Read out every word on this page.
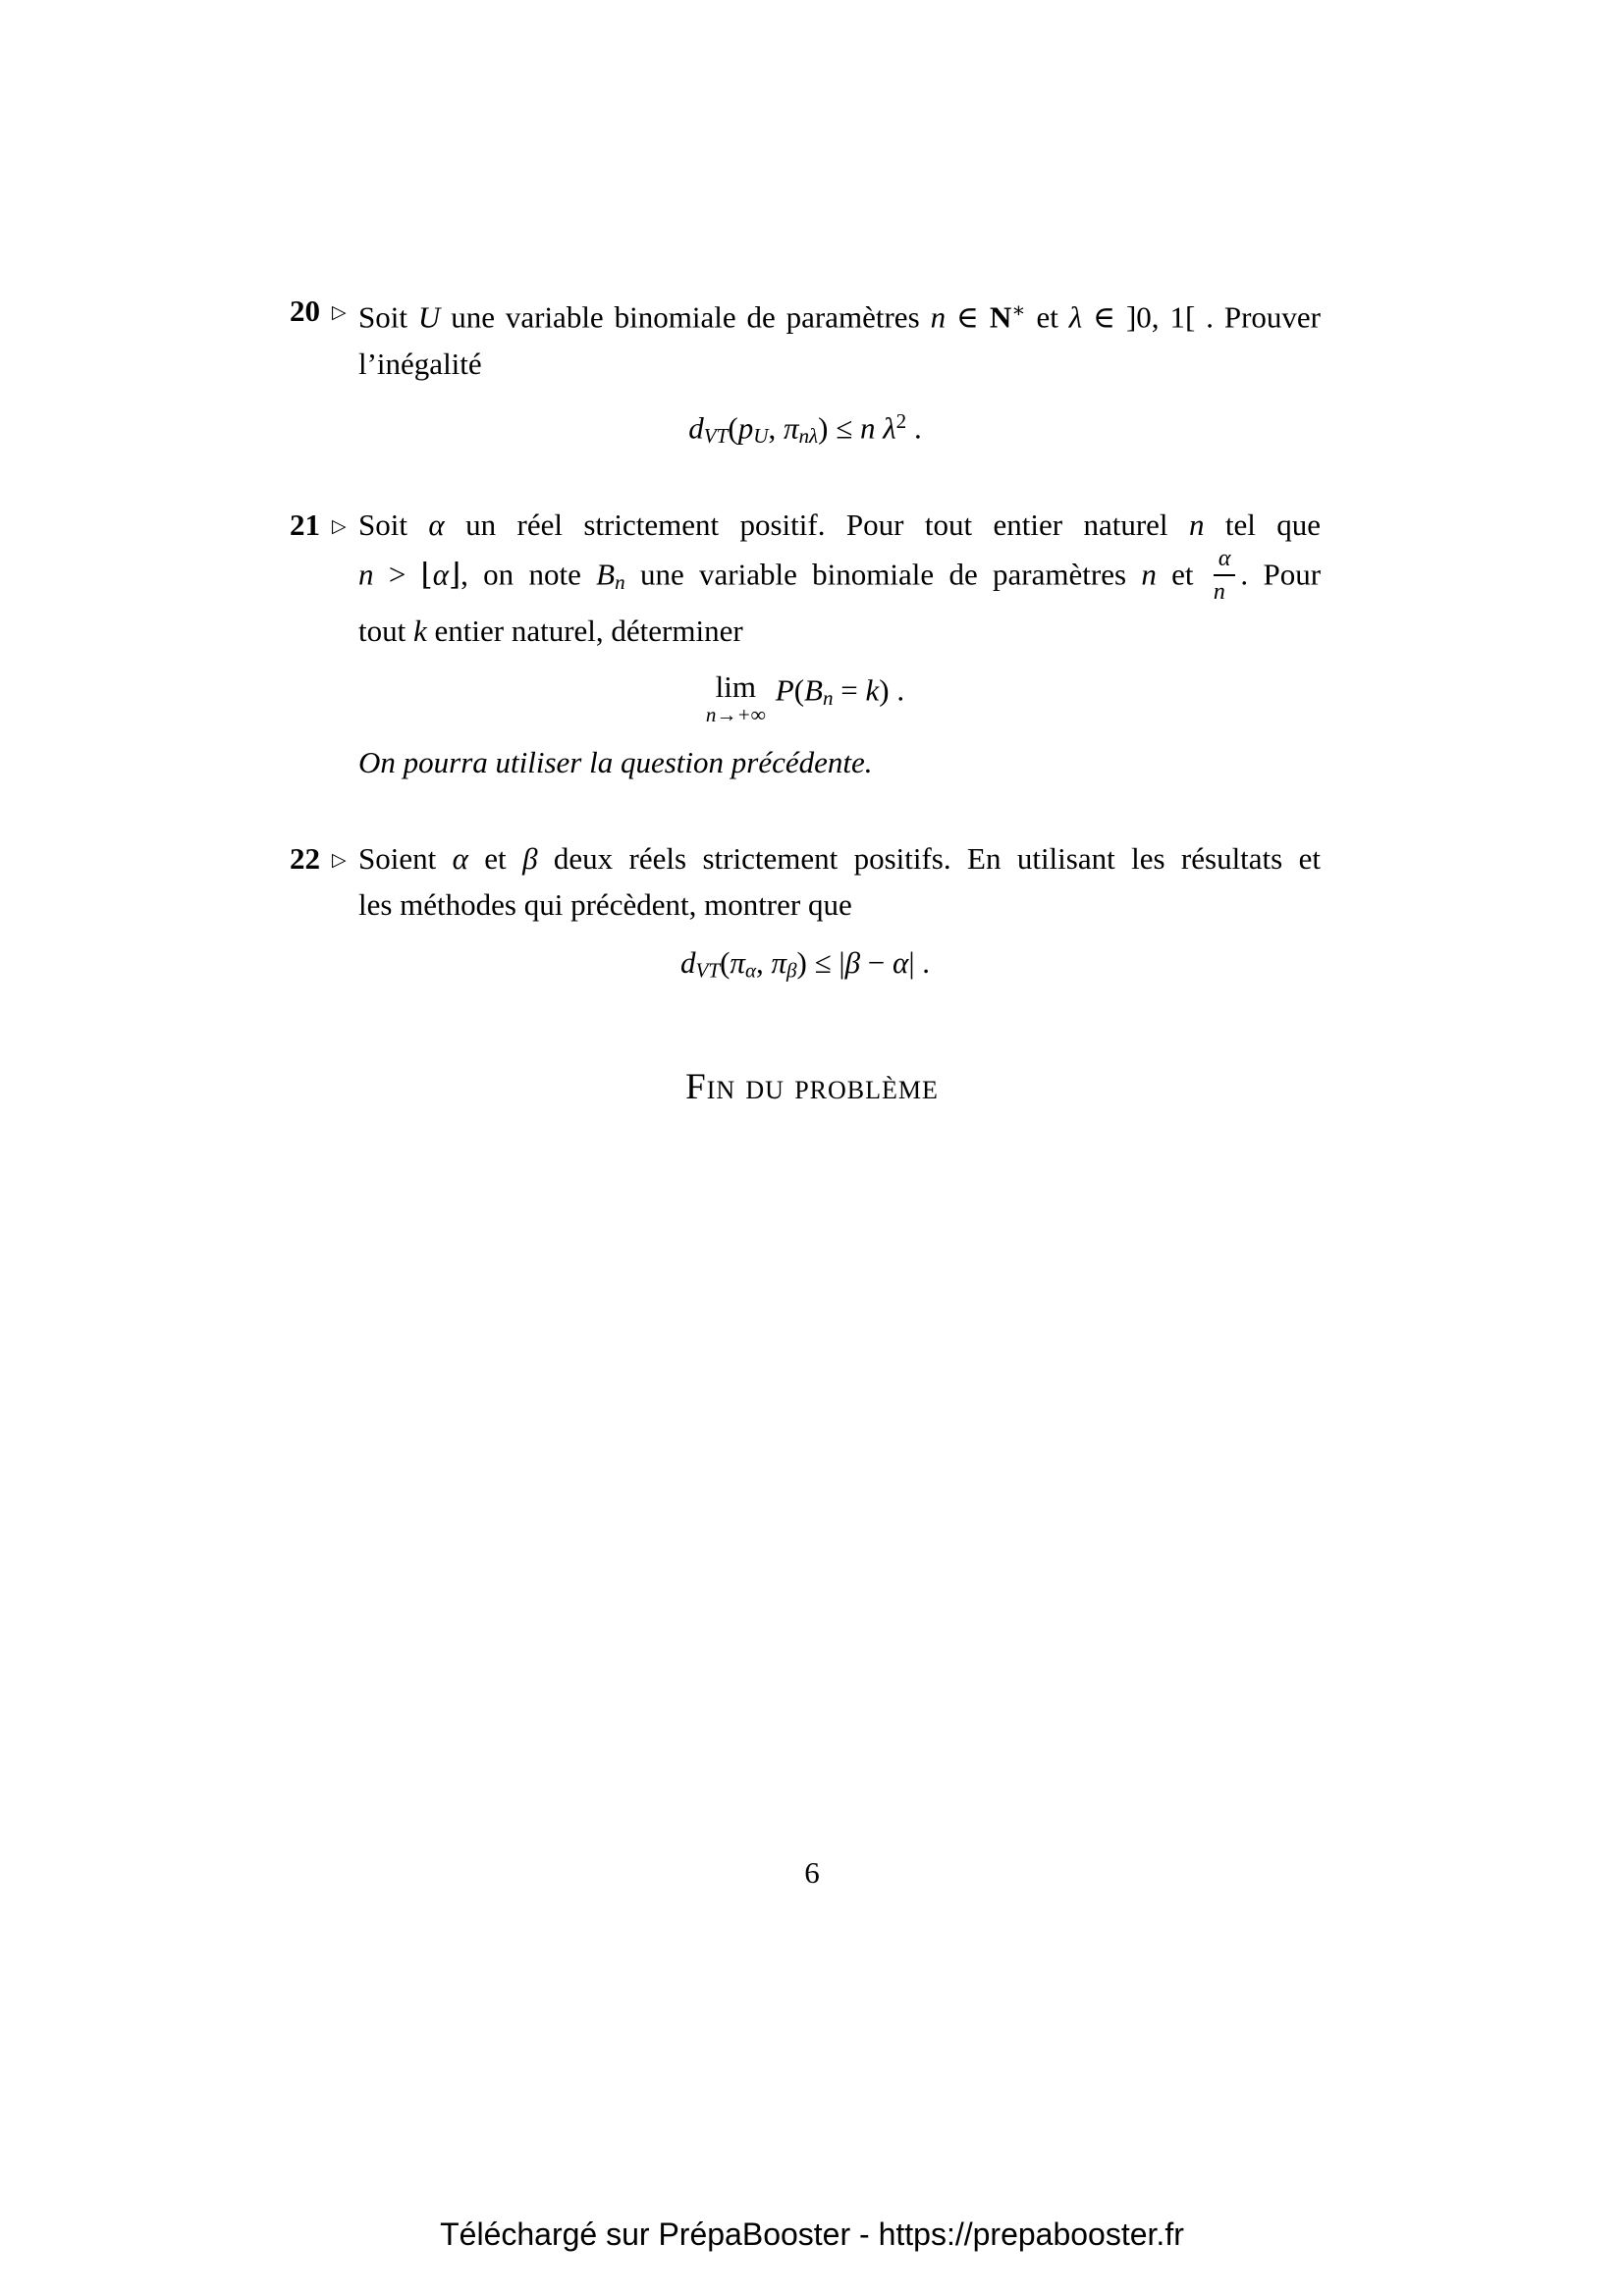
20 ▷ Soit U une variable binomiale de paramètres n ∈ N∗ et λ ∈ ]0, 1[ . Prouver
l’inégalité
dVT(pU, πnλ) ≤ n $\lambda^2$ .
21 ▷ Soit α un réel strictement positif. Pour tout entier naturel n tel que
n > ⌊α⌋, on note Bn une variable binomiale de paramètres n et $\frac{\alpha}{n}$ . Pour
tout k entier naturel, déterminer
lim
n→+∞
P(Bn = k) .
On pourra utiliser la question précédente.
22 ▷ Soient α et β deux réels strictement positifs. En utilisant les résultats et
les méthodes qui précèdent, montrer que
dVT(πα, πβ) ≤ |β − α| .
Fin du problème
6
Téléchargé sur PrépaBooster - https://prepabooster.fr
